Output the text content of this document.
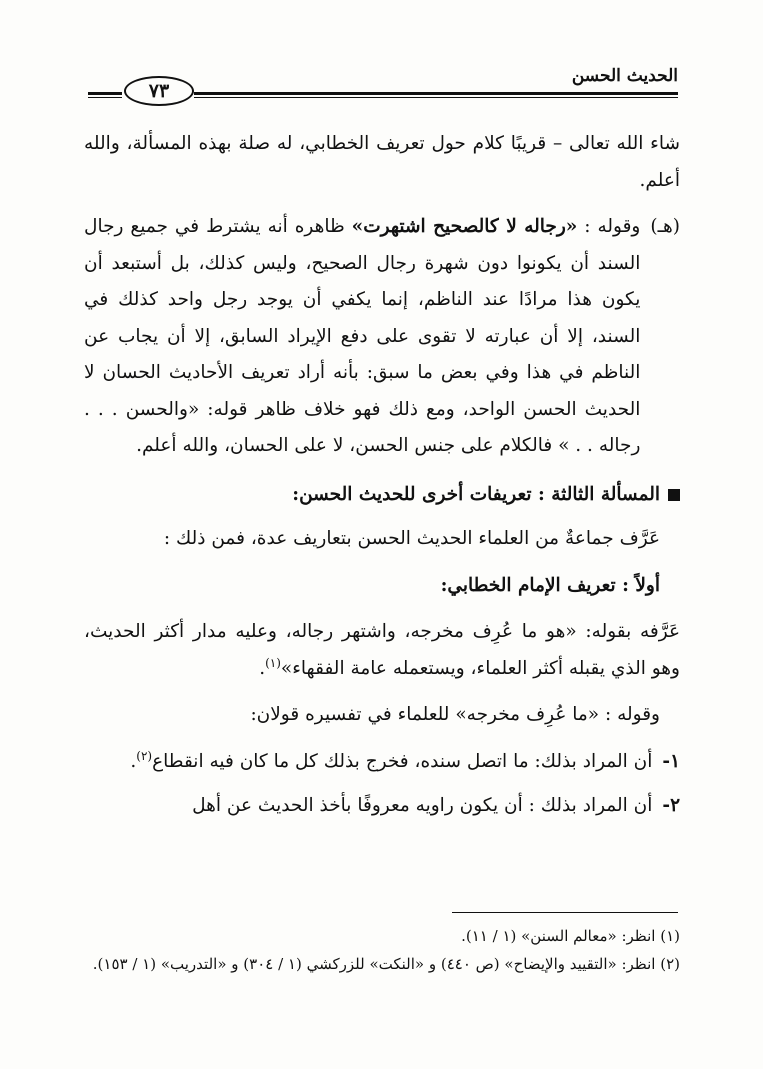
الحديث الحسن
٧٣

شاء الله تعالى – قريبًا كلام حول تعريف الخطابي، له صلة بهذه المسألة، والله أعلم.

(هـ)

وقوله : «رجاله لا كالصحيح اشتهرت» ظاهره أنه يشترط في جميع رجال السند أن يكونوا دون شهرة رجال الصحيح، وليس كذلك، بل أستبعد أن يكون هذا مرادًا عند الناظم، إنما يكفي أن يوجد رجل واحد كذلك في السند، إلا أن عبارته لا تقوى على دفع الإيراد السابق، إلا أن يجاب عن الناظم في هذا وفي بعض ما سبق: بأنه أراد تعريف الأحاديث الحسان لا الحديث الحسن الواحد، ومع ذلك فهو خلاف ظاهر قوله: «والحسن . . . رجاله . . » فالكلام على جنس الحسن، لا على الحسان، والله أعلم.

المسألة الثالثة : تعريفات أخرى للحديث الحسن:

عَرَّف جماعةٌ من العلماء الحديث الحسن بتعاريف عدة، فمن ذلك :

أولاً : تعريف الإمام الخطابي:

عَرَّفه بقوله: «هو ما عُرِف مخرجه، واشتهر رجاله، وعليه مدار أكثر الحديث، وهو الذي يقبله أكثر العلماء، ويستعمله عامة الفقهاء»$^{(١)}$.

وقوله : «ما عُرِف مخرجه» للعلماء في تفسيره قولان:

١-
أن المراد بذلك: ما اتصل سنده، فخرج بذلك كل ما كان فيه انقطاع$^{(٢)}$.
٢-
أن المراد بذلك : أن يكون راويه معروفًا بأخذ الحديث عن أهل

(١) انظر: «معالم السنن» (١ / ١١).

(٢) انظر: «التقييد والإيضاح» (ص ٤٤٠) و «النكت» للزركشي (١ / ٣٠٤) و «التدريب» (١ / ١٥٣).
